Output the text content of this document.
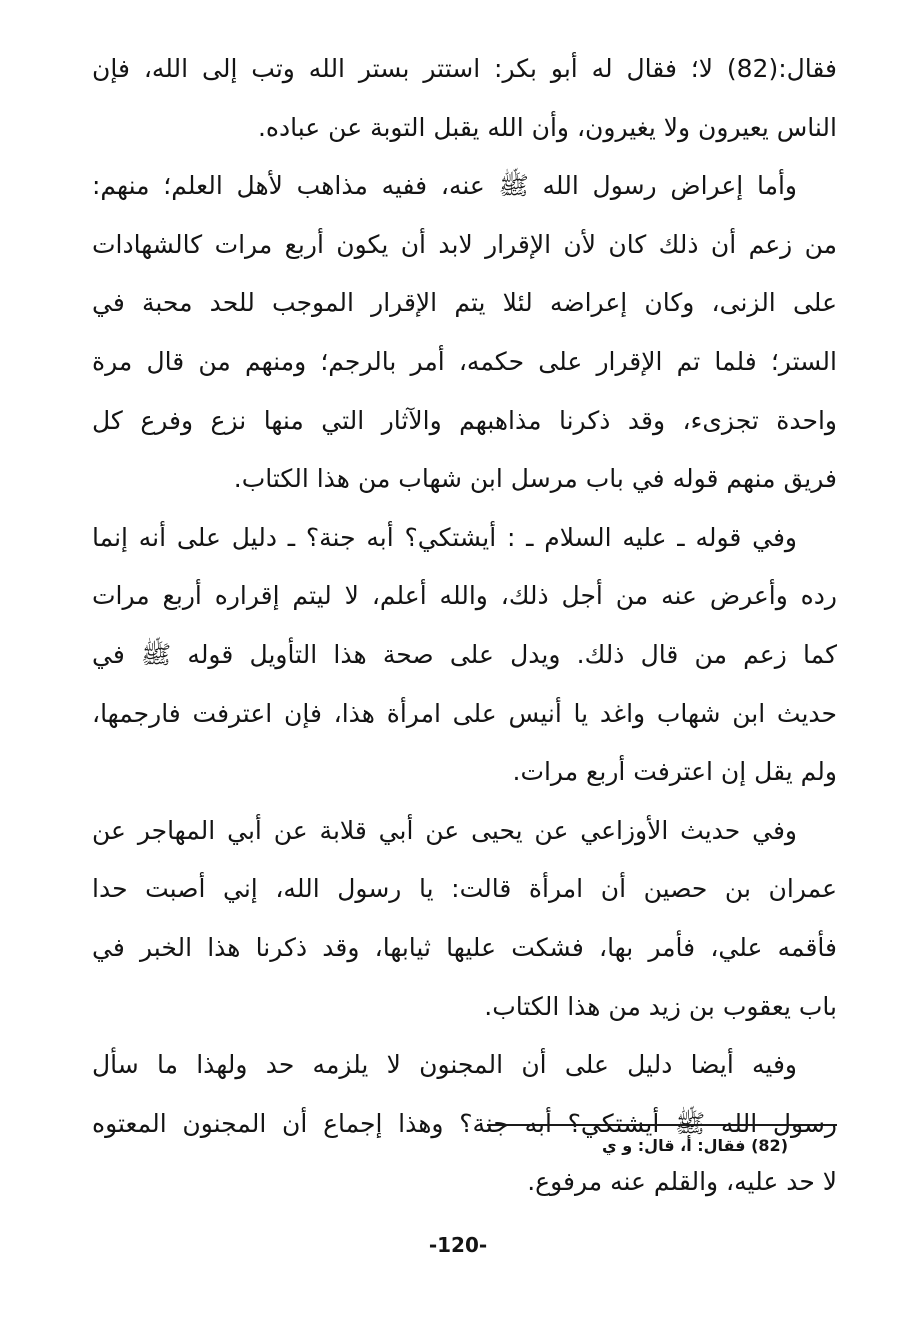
فقال:(82) لا؛ فقال له أبو بكر: استتر بستر الله وتب إلى الله، فإن
الناس يعيرون ولا يغيرون، وأن الله يقبل التوبة عن عباده.
وأما إعراض رسول الله ﷺ عنه، ففيه مذاهب لأهل العلم؛ منهم:
من زعم أن ذلك كان لأن الإقرار لابد أن يكون أربع مرات كالشهادات
على الزنى، وكان إعراضه لئلا يتم الإقرار الموجب للحد محبة في
الستر؛ فلما تم الإقرار على حكمه، أمر بالرجم؛ ومنهم من قال مرة
واحدة تجزىء، وقد ذكرنا مذاهبهم والآثار التي منها نزع وفرع كل
فريق منهم قوله في باب مرسل ابن شهاب من هذا الكتاب.
وفي قوله ـ عليه السلام ـ : أيشتكي؟ أبه جنة؟ ـ دليل على أنه إنما
رده وأعرض عنه من أجل ذلك، والله أعلم، لا ليتم إقراره أربع مرات
كما زعم من قال ذلك. ويدل على صحة هذا التأويل قوله ﷺ في
حديث ابن شهاب واغد يا أنيس على امرأة هذا، فإن اعترفت فارجمها،
ولم يقل إن اعترفت أربع مرات.
وفي حديث الأوزاعي عن يحيى عن أبي قلابة عن أبي المهاجر عن
عمران بن حصين أن امرأة قالت: يا رسول الله، إني أصبت حدا
فأقمه علي، فأمر بها، فشكت عليها ثيابها، وقد ذكرنا هذا الخبر في
باب يعقوب بن زيد من هذا الكتاب.
وفيه أيضا دليل على أن المجنون لا يلزمه حد ولهذا ما سأل
رسول الله ﷺ أيشتكي؟ أبه جنة؟ وهذا إجماع أن المجنون المعتوه
لا حد عليه، والقلم عنه مرفوع.
(82) فقال: أ، قال: و ي
-120-
